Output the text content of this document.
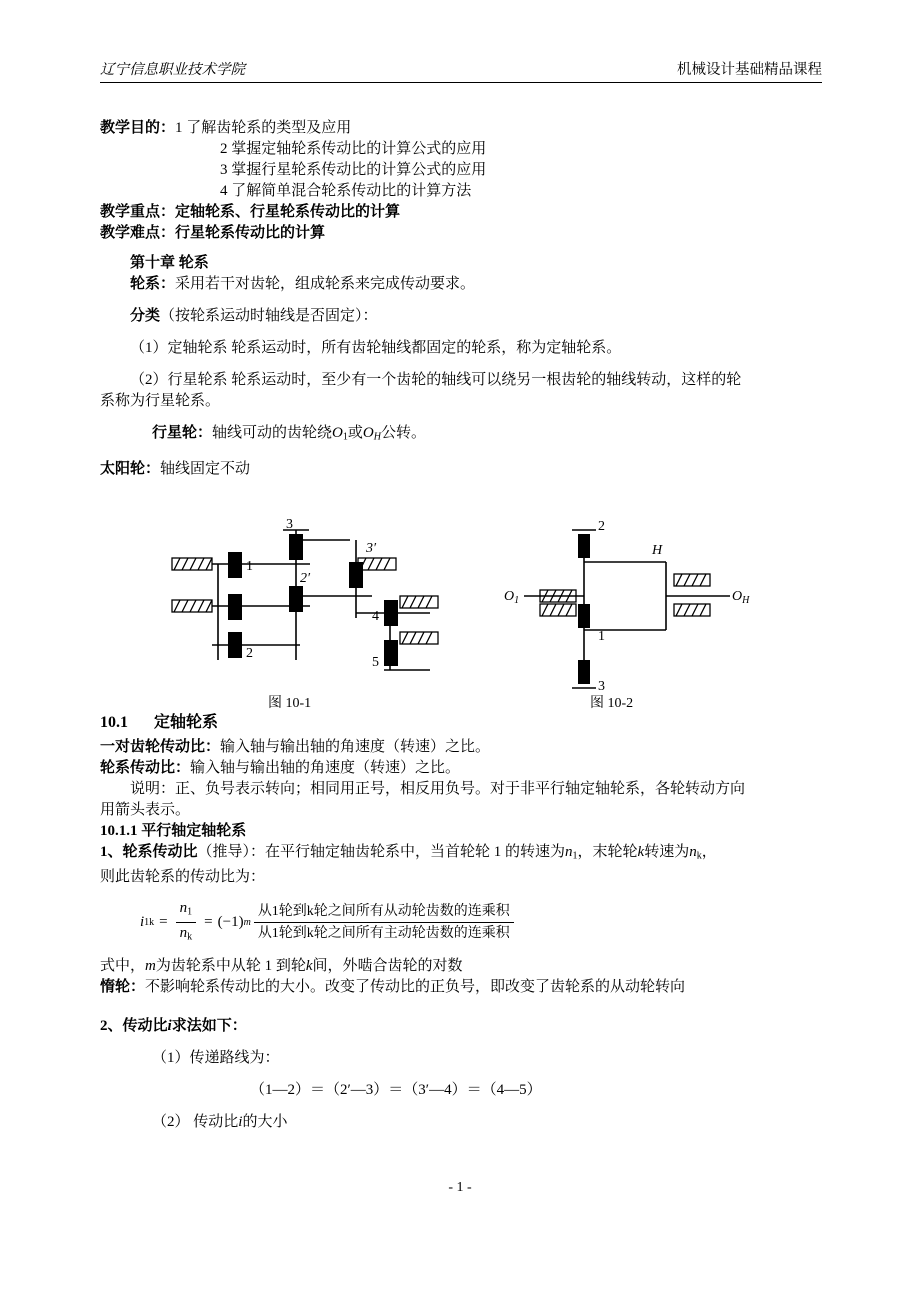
辽宁信息职业技术学院	机械设计基础精品课程
教学目的： 1 了解齿轮系的类型及应用
2 掌握定轴轮系传动比的计算公式的应用
3 掌握行星轮系传动比的计算公式的应用
4 了解简单混合轮系传动比的计算方法
教学重点： 定轴轮系、行星轮系传动比的计算
教学难点： 行星轮系传动比的计算
第十章 轮系
轮系：采用若干对齿轮，组成轮系来完成传动要求。
分类（按轮系运动时轴线是否固定）：
（1）定轴轮系 轮系运动时，所有齿轮轴线都固定的轮系，称为定轴轮系。
（2）行星轮系 轮系运动时，至少有一个齿轮的轴线可以绕另一根齿轮的轴线转动，这样的轮
系称为行星轮系。
行星轮：轴线可动的齿轮绕$O_1$或$O_H$公转。
太阳轮：轴线固定不动
1
2
3
2′
3′
4
5
2
1
3
H
$O_1$	$O_H$
图 10-1	图 10-2
10.1 定轴轮系
一对齿轮传动比：输入轴与输出轴的角速度（转速）之比。
轮系传动比：输入轴与输出轴的角速度（转速）之比。
说明：正、负号表示转向；相同用正号，相反用负号。对于非平行轴定轴轮系，各轮转动方向
用箭头表示。
10.1.1 平行轴定轴轮系
1、轮系传动比（推导）：在平行轴定轴齿轮系中，当首轮轮 1 的转速为$n_1$，末轮轮k转速为$n_k$，
则此齿轮系的传动比为：
i $1k = \frac{n_1}{n_k}$ = ( −1 ) m $\frac{\text{从1轮到k轮之间所有从动轮齿数的连乘积}}{\text{从1轮到k轮之间所有主动轮齿数的连乘积}}$
式中，m为齿轮系中从轮 1 到轮k间，外啮合齿轮的对数
惰轮：不影响轮系传动比的大小。改变了传动比的正负号，即改变了齿轮系的从动轮转向
2、传动比i求法如下：
（1）传递路线为：
（1—2）＝（2′—3）＝（3′—4）＝（4—5）
（2） 传动比i的大小
- 1 -
